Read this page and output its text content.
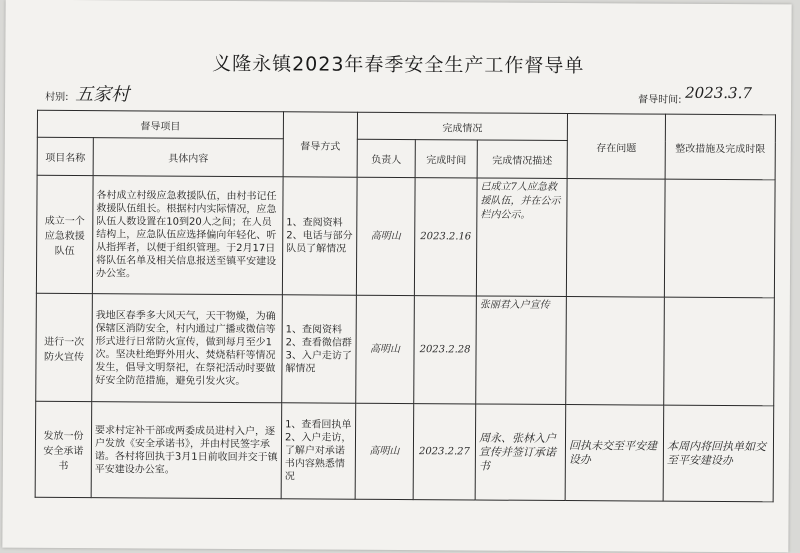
义隆永镇2023年春季安全生产工作督导单
村别: 五家村	督导时间: 2023.3.7
督导项目		督导方式	完成情况			存在问题	整改措施及完成时限
项目名称	具体内容		负责人	完成时间	完成情况描述		
成立一个应急救援队伍	各村成立村级应急救援队伍，由村书记任救援队伍组长。根据村内实际情况，应急队伍人数设置在10到20人之间；在人员结构上，应急队伍应选择偏向年轻化、听从指挥者，以便于组织管理。于2月17日将队伍名单及相关信息报送至镇平安建设办公室。	1、查阅资料 2、电话与部分队员了解情况	高明山	2023.2.16	已成立7人应急救援队伍，并在公示栏内公示。		
进行一次防火宣传	我地区春季多大风天气，天干物燥，为确保辖区消防安全，村内通过广播或微信等形式进行日常防火宣传，做到每月至少1次。坚决杜绝野外用火、焚烧秸秆等情况发生，倡导文明祭祀，在祭祀活动时要做好安全防范措施，避免引发火灾。	1、查阅资料 2、查看微信群 3、入户走访了解情况	高明山	2023.2.28	张丽君入户宣传		
发放一份安全承诺书	要求村定补干部或两委成员进村入户，逐户发放《安全承诺书》，并由村民签字承诺。各村将回执于3月1日前收回并交于镇平安建设办公室。	1、查看回执单 2、入户走访，了解户对承诺书内容熟悉情况	高明山	2023.2.27	周永、张林入户宣传并签订承诺书	回执未交至平安建设办	本周内将回执单如交至平安建设办
